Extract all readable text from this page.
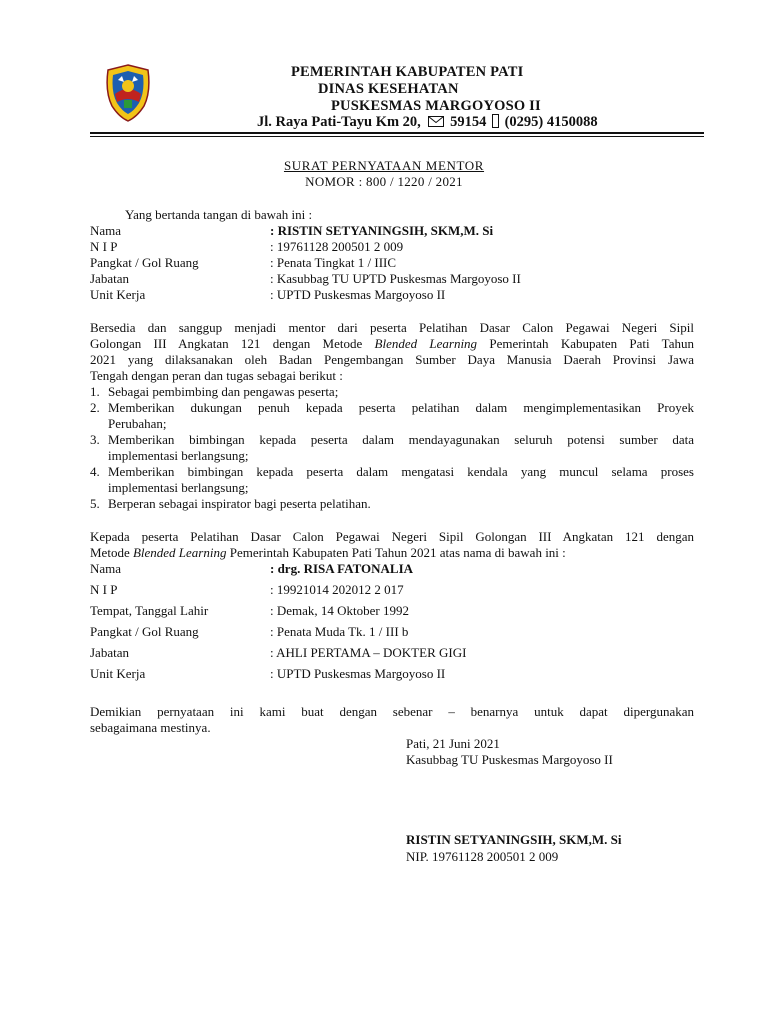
PEMERINTAH KABUPATEN PATI
DINAS KESEHATAN
PUSKESMAS MARGOYOSO II
Jl. Raya Pati-Tayu Km 20, 59154 (0295) 4150088
SURAT PERNYATAAN MENTOR
NOMOR : 800 / 1220 / 2021
Yang bertanda tangan di bawah ini :
Nama	: RISTIN SETYANINGSIH, SKM,M. Si
N I P	: 19761128 200501 2 009
Pangkat / Gol Ruang	: Penata Tingkat 1 / IIIC
Jabatan	: Kasubbag TU UPTD Puskesmas Margoyoso II
Unit Kerja	: UPTD Puskesmas Margoyoso II
Bersedia dan sanggup menjadi mentor dari peserta Pelatihan Dasar Calon Pegawai Negeri Sipil
Golongan III Angkatan 121 dengan Metode Blended Learning Pemerintah Kabupaten Pati Tahun
2021 yang dilaksanakan oleh Badan Pengembangan Sumber Daya Manusia Daerah Provinsi Jawa
Tengah dengan peran dan tugas sebagai berikut :
1. Sebagai pembimbing dan pengawas peserta;
2. Memberikan dukungan penuh kepada peserta pelatihan dalam mengimplementasikan Proyek
Perubahan;
3. Memberikan bimbingan kepada peserta dalam mendayagunakan seluruh potensi sumber data
implementasi berlangsung;
4. Memberikan bimbingan kepada peserta dalam mengatasi kendala yang muncul selama proses
implementasi berlangsung;
5. Berperan sebagai inspirator bagi peserta pelatihan.
Kepada peserta Pelatihan Dasar Calon Pegawai Negeri Sipil Golongan III Angkatan 121 dengan
Metode Blended Learning Pemerintah Kabupaten Pati Tahun 2021 atas nama di bawah ini :
Nama	: drg. RISA FATONALIA
N I P	: 19921014 202012 2 017
Tempat, Tanggal Lahir	: Demak, 14 Oktober 1992
Pangkat / Gol Ruang	: Penata Muda Tk. 1 / III b
Jabatan	: AHLI PERTAMA – DOKTER GIGI
Unit Kerja	: UPTD Puskesmas Margoyoso II
Demikian pernyataan ini kami buat dengan sebenar – benarnya untuk dapat dipergunakan
sebagaimana mestinya.
Pati, 21 Juni 2021
Kasubbag TU Puskesmas Margoyoso II
RISTIN SETYANINGSIH, SKM,M. Si
NIP. 19761128 200501 2 009
